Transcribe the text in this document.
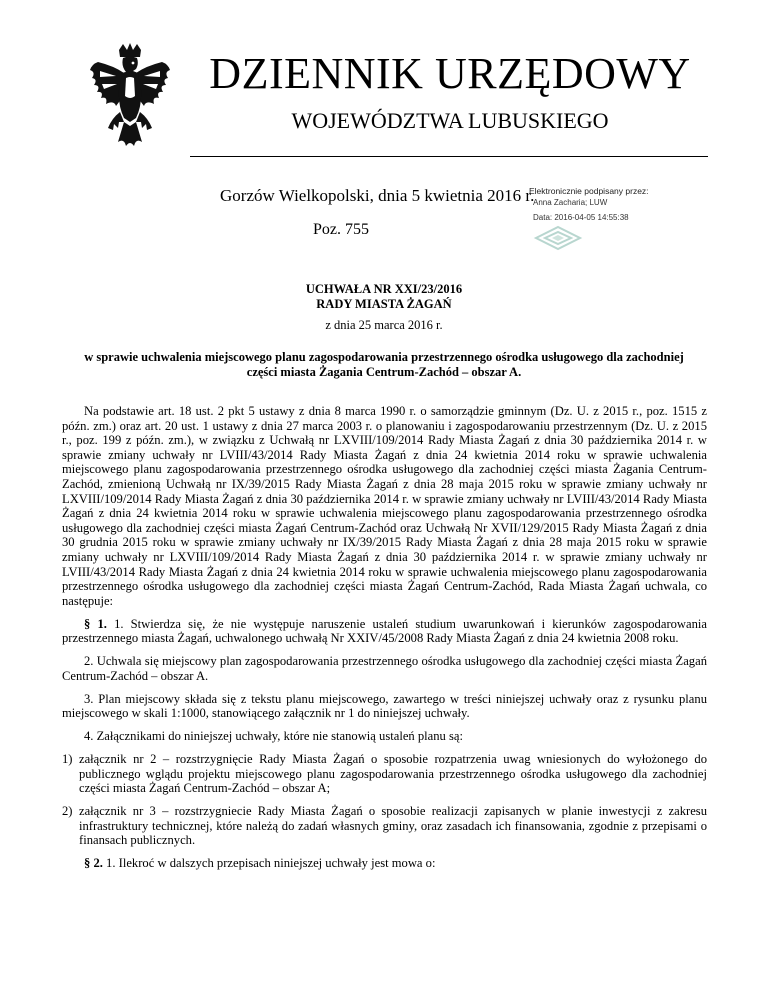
DZIENNIK URZĘDOWY
WOJEWÓDZTWA LUBUSKIEGO
Gorzów Wielkopolski, dnia 5 kwietnia 2016 r.
Poz. 755

Elektronicznie podpisany przez:

Anna Zacharia; LUW

Data: 2016-04-05 14:55:38

UCHWAŁA NR XXI/23/2016
RADY MIASTA ŻAGAŃ
z dnia 25 marca 2016 r.
w sprawie uchwalenia miejscowego planu zagospodarowania przestrzennego ośrodka usługowego dla zachodniej części miasta Żagania Centrum-Zachód – obszar A.

Na podstawie art. 18 ust. 2 pkt 5 ustawy z dnia 8 marca 1990 r. o samorządzie gminnym (Dz. U. z 2015 r., poz. 1515 z późn. zm.) oraz art. 20 ust. 1 ustawy z dnia 27 marca 2003 r. o planowaniu i zagospodarowaniu przestrzennym (Dz. U. z 2015 r., poz. 199 z późn. zm.), w związku z Uchwałą nr LXVIII/109/2014 Rady Miasta Żagań z dnia 30 października 2014 r. w sprawie zmiany uchwały nr LVIII/43/2014 Rady Miasta Żagań z dnia 24 kwietnia 2014 roku w sprawie uchwalenia miejscowego planu zagospodarowania przestrzennego ośrodka usługowego dla zachodniej części miasta Żagania Centrum-Zachód, zmienioną Uchwałą nr IX/39/2015 Rady Miasta Żagań z dnia 28 maja 2015 roku w sprawie zmiany uchwały nr LXVIII/109/2014 Rady Miasta Żagań z dnia 30 października 2014 r. w sprawie zmiany uchwały nr LVIII/43/2014 Rady Miasta Żagań z dnia 24 kwietnia 2014 roku w sprawie uchwalenia miejscowego planu zagospodarowania przestrzennego ośrodka usługowego dla zachodniej części miasta Żagań Centrum-Zachód oraz Uchwałą Nr XVII/129/2015 Rady Miasta Żagań z dnia 30 grudnia 2015 roku w sprawie zmiany uchwały nr IX/39/2015 Rady Miasta Żagań z dnia 28 maja 2015 roku w sprawie zmiany uchwały nr LXVIII/109/2014 Rady Miasta Żagań z dnia 30 października 2014 r. w sprawie zmiany uchwały nr LVIII/43/2014 Rady Miasta Żagań z dnia 24 kwietnia 2014 roku w sprawie uchwalenia miejscowego planu zagospodarowania przestrzennego ośrodka usługowego dla zachodniej części miasta Żagań Centrum-Zachód, Rada Miasta Żagań uchwala, co następuje:

§ 1. 1. Stwierdza się, że nie występuje naruszenie ustaleń studium uwarunkowań i kierunków zagospodarowania przestrzennego miasta Żagań, uchwalonego uchwałą Nr XXIV/45/2008 Rady Miasta Żagań z dnia 24 kwietnia 2008 roku.

2. Uchwala się miejscowy plan zagospodarowania przestrzennego ośrodka usługowego dla zachodniej części miasta Żagań Centrum-Zachód – obszar A.

3. Plan miejscowy składa się z tekstu planu miejscowego, zawartego w treści niniejszej uchwały oraz z rysunku planu miejscowego w skali 1:1000, stanowiącego załącznik nr 1 do niniejszej uchwały.

4. Załącznikami do niniejszej uchwały, które nie stanowią ustaleń planu są:

1) załącznik nr 2 – rozstrzygnięcie Rady Miasta Żagań o sposobie rozpatrzenia uwag wniesionych do wyłożonego do publicznego wglądu projektu miejscowego planu zagospodarowania przestrzennego ośrodka usługowego dla zachodniej części miasta Żagań Centrum-Zachód – obszar A;

2) załącznik nr 3 – rozstrzygniecie Rady Miasta Żagań o sposobie realizacji zapisanych w planie inwestycji z zakresu infrastruktury technicznej, które należą do zadań własnych gminy, oraz zasadach ich finansowania, zgodnie z przepisami o finansach publicznych.

§ 2. 1. Ilekroć w dalszych przepisach niniejszej uchwały jest mowa o:
